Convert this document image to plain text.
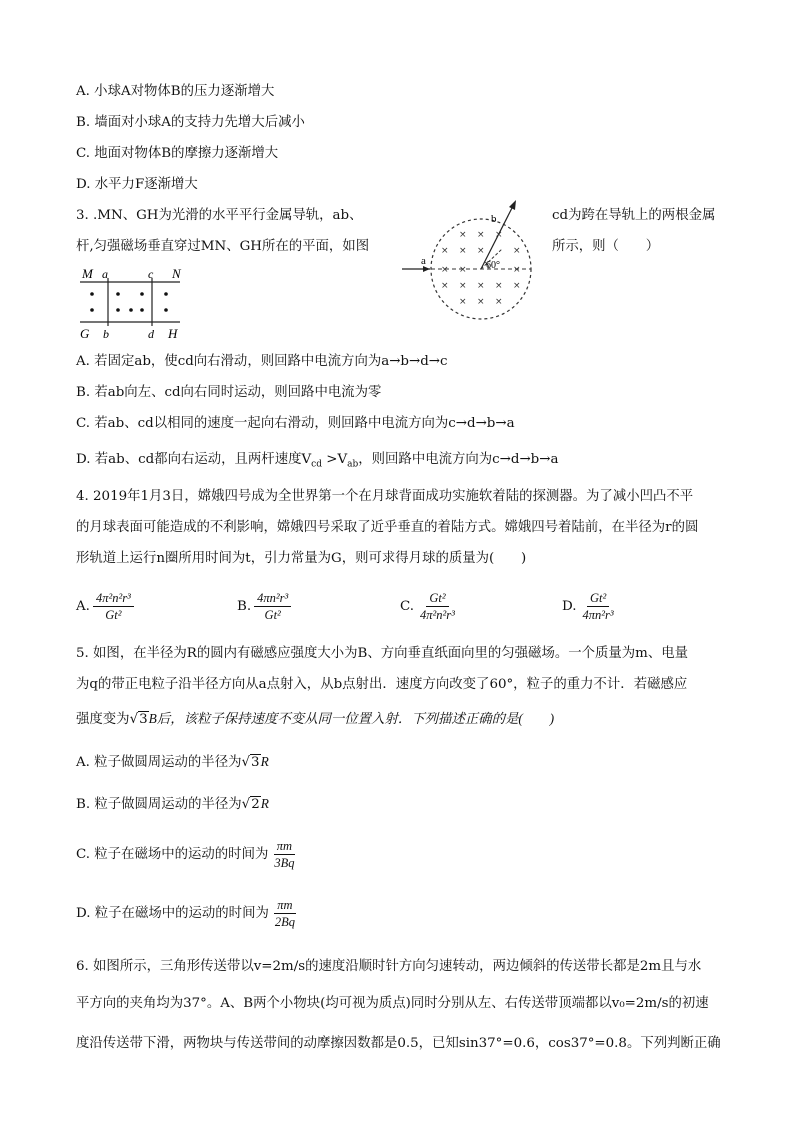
A. 小球A对物体B的压力逐渐增大
B. 墙面对小球A的支持力先增大后减小
C. 地面对物体B的摩擦力逐渐增大
D. 水平力F逐渐增大
3. .MN、GH为光滑的水平平行金属导轨，ab、	cd为跨在导轨上的两根金属
杆,匀强磁场垂直穿过MN、GH所在的平面，如图	所示，则（　　）
a
b
60°
× × ×
× × ×	×
× ×	×
× × × × ×
× × ×
M a	c N
G b	d H
A. 若固定ab，使cd向右滑动，则回路中电流方向为a→b→d→c
B. 若ab向左、cd向右同时运动，则回路中电流为零
C. 若ab、cd以相同的速度一起向右滑动，则回路中电流方向为c→d→b→a
D. 若ab、cd都向右运动，且两杆速度$V_{cd} >V_{ab}$，则回路中电流方向为c→d→b→a
4. 2019年1月3日，嫦娥四号成为全世界第一个在月球背面成功实施软着陆的探测器。为了减小凹凸不平
的月球表面可能造成的不利影响，嫦娥四号采取了近乎垂直的着陆方式。嫦娥四号着陆前，在半径为r的圆
形轨道上运行n圈所用时间为t，引力常量为G，则可求得月球的质量为(　　)
A. $\frac{\text{4π²n²r³}}{\text{Gt²}}$	B. $\frac{\text{4πn²r³}}{\text{Gt²}}$	C. $\frac{\text{Gt²}}{\text{4π²n²r³}}$	D. $\frac{\text{Gt²}}{\text{4πn²r³}}$
5. 如图，在半径为R的圆内有磁感应强度大小为B、方向垂直纸面向里的匀强磁场。一个质量为m、电量
为q的带正电粒子沿半径方向从a点射入，从b点射出．速度方向改变了60°，粒子的重力不计．若磁感应
强度变为√3B后，该粒子保持速度不变从同一位置入射．下列描述正确的是(　　)
A. 粒子做圆周运动的半径为√3R
B. 粒子做圆周运动的半径为√2R
C. 粒子在磁场中的运动的时间为 $\frac{\pi m}{3Bq}$
D. 粒子在磁场中的运动的时间为 $\frac{\pi m}{2Bq}$
6. 如图所示，三角形传送带以v=2m/s的速度沿顺时针方向匀速转动，两边倾斜的传送带长都是2m且与水
平方向的夹角均为37°。A、B两个小物块(均可视为质点)同时分别从左、右传送带顶端都以v₀=2m/s的初速
度沿传送带下滑，两物块与传送带间的动摩擦因数都是0.5，已知sin37°=0.6，cos37°=0.8。下列判断正确
